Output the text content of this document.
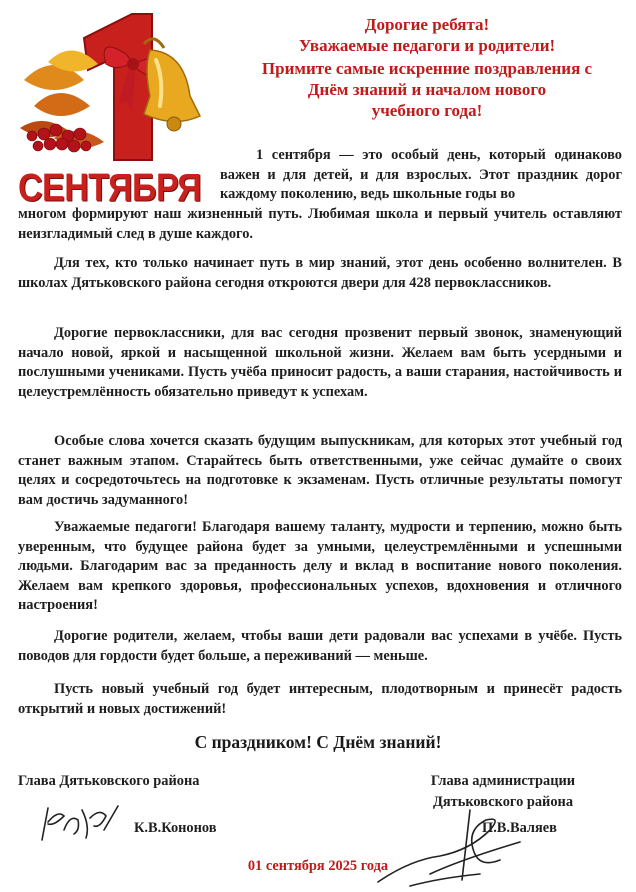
СЕНТЯБРЯ
Дорогие ребята!
Уважаемые педагоги и родители!
Примите самые искренние поздравления с
Днём знаний и началом нового
учебного года!
1 сентября — это особый день, который одинаково важен и для детей, и для взрослых. Этот праздник дорог каждому поколению, ведь школьные годы во
многом формируют наш жизненный путь. Любимая школа и первый учитель оставляют неизгладимый след в душе каждого.
Для тех, кто только начинает путь в мир знаний, этот день особенно волнителен. В школах Дятьковского района сегодня откроются двери для 428 первоклассников.
Дорогие первоклассники, для вас сегодня прозвенит первый звонок, знаменующий начало новой, яркой и насыщенной школьной жизни. Желаем вам быть усердными и послушными учениками. Пусть учёба приносит радость, а ваши старания, настойчивость и целеустремлённость обязательно приведут к успехам.
Особые слова хочется сказать будущим выпускникам, для которых этот учебный год станет важным этапом. Старайтесь быть ответственными, уже сейчас думайте о своих целях и сосредоточьтесь на подготовке к экзаменам. Пусть отличные результаты помогут вам достичь задуманного!
Уважаемые педагоги! Благодаря вашему таланту, мудрости и терпению, можно быть уверенным, что будущее района будет за умными, целеустремлёнными и успешными людьми. Благодарим вас за преданность делу и вклад в воспитание нового поколения. Желаем вам крепкого здоровья, профессиональных успехов, вдохновения и отличного настроения!
Дорогие родители, желаем, чтобы ваши дети радовали вас успехами в учёбе. Пусть поводов для гордости будет больше, а переживаний — меньше.
Пусть новый учебный год будет интересным, плодотворным и принесёт радость открытий и новых достижений!
С праздником! С Днём знаний!
Глава Дятьковского района
К.В.Кононов
Глава администрации
Дятьковского района
П.В.Валяев
01 сентября 2025 года
